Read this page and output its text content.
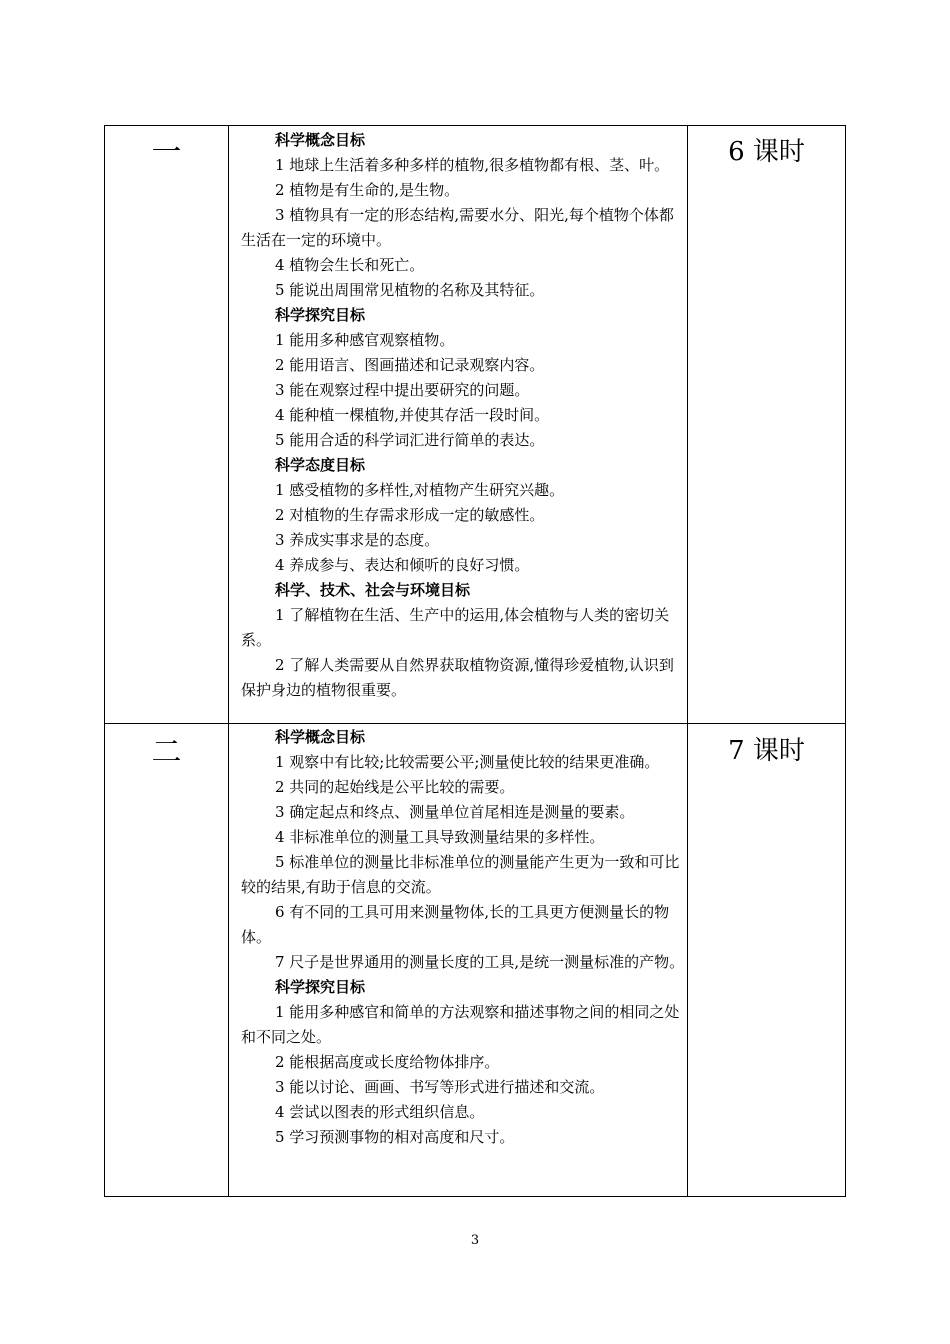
一	6 课时
科学概念目标
1 地球上生活着多种多样的植物,很多植物都有根、茎、叶。
2 植物是有生命的,是生物。
3 植物具有一定的形态结构,需要水分、阳光,每个植物个体都生活在一定的环境中。
4 植物会生长和死亡。
5 能说出周围常见植物的名称及其特征。
科学探究目标
1 能用多种感官观察植物。
2 能用语言、图画描述和记录观察内容。
3 能在观察过程中提出要研究的问题。
4 能种植一棵植物,并使其存活一段时间。
5 能用合适的科学词汇进行简单的表达。
科学态度目标
1 感受植物的多样性,对植物产生研究兴趣。
2 对植物的生存需求形成一定的敏感性。
3 养成实事求是的态度。
4 养成参与、表达和倾听的良好习惯。
科学、技术、社会与环境目标
1 了解植物在生活、生产中的运用,体会植物与人类的密切关系。
2 了解人类需要从自然界获取植物资源,懂得珍爱植物,认识到保护身边的植物很重要。
二	7 课时
科学概念目标
1 观察中有比较;比较需要公平;测量使比较的结果更准确。
2 共同的起始线是公平比较的需要。
3 确定起点和终点、测量单位首尾相连是测量的要素。
4 非标准单位的测量工具导致测量结果的多样性。
5 标准单位的测量比非标准单位的测量能产生更为一致和可比较的结果,有助于信息的交流。
6 有不同的工具可用来测量物体,长的工具更方便测量长的物体。
7 尺子是世界通用的测量长度的工具,是统一测量标准的产物。
科学探究目标
1 能用多种感官和简单的方法观察和描述事物之间的相同之处和不同之处。
2 能根据高度或长度给物体排序。
3 能以讨论、画画、书写等形式进行描述和交流。
4 尝试以图表的形式组织信息。
5 学习预测事物的相对高度和尺寸。
3
